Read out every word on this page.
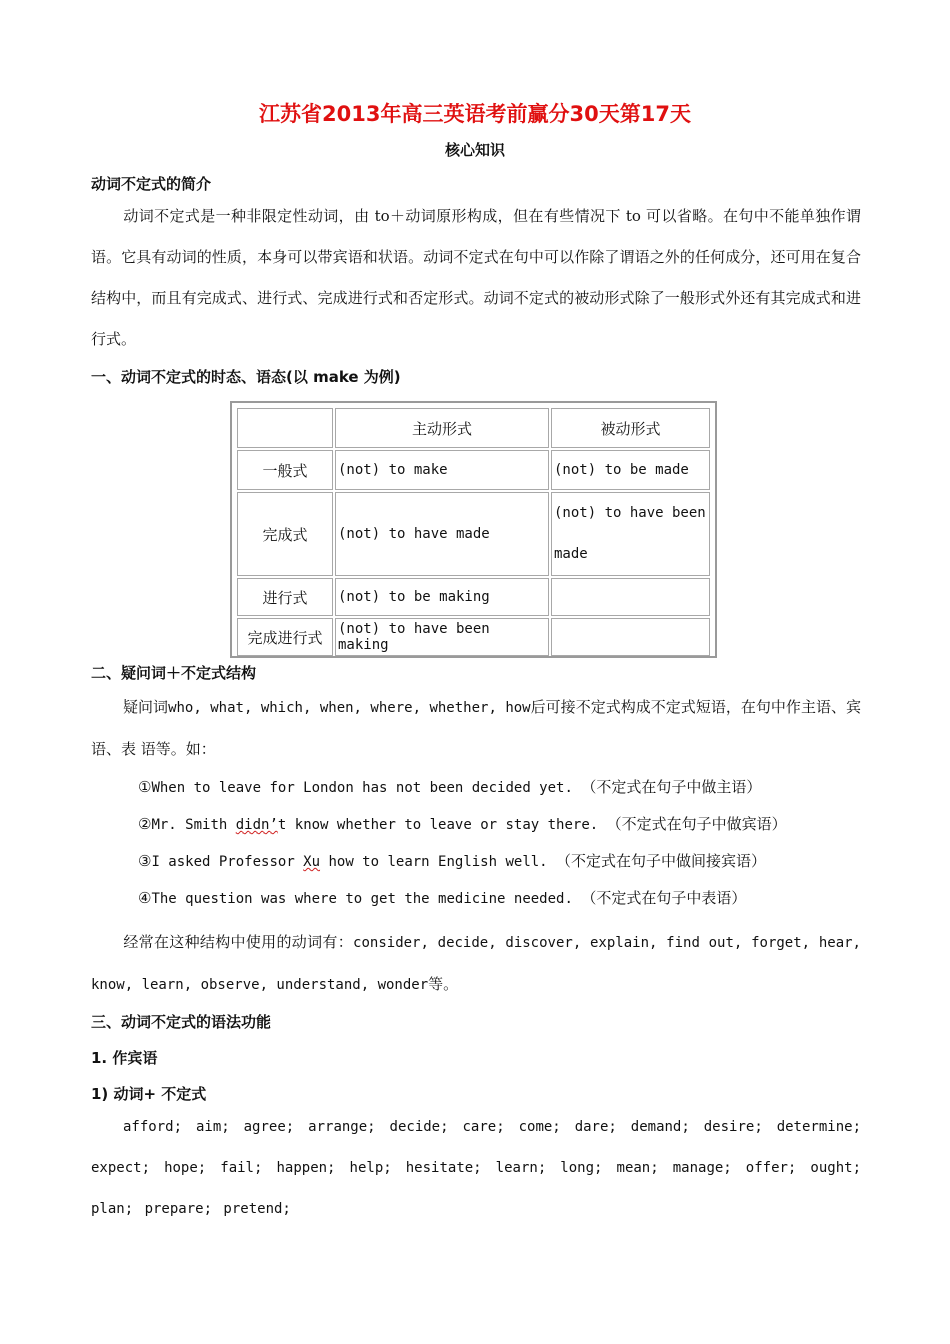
江苏省2013年高三英语考前赢分30天第17天
核心知识
动词不定式的简介
动词不定式是一种非限定性动词，由 to＋动词原形构成，但在有些情况下 to 可以省略。在句中不能单独作谓语。它具有动词的性质，本身可以带宾语和状语。动词不定式在句中可以作除了谓语之外的任何成分，还可用在复合结构中，而且有完成式、进行式、完成进行式和否定形式。动词不定式的被动形式除了一般形式外还有其完成式和进行式。
一、动词不定式的时态、语态(以 make 为例)
	主动形式	被动形式
一般式	(not) to make	(not) to be made
完成式	(not) to have made	(not) to have been made
进行式	(not) to be making	
完成进行式	(not) to have been making	
二、疑问词＋不定式结构
疑问词who, what, which, when, where, whether, how后可接不定式构成不定式短语，在句中作主语、宾语、表 语等。如：
①When to leave for London has not been decided yet. （不定式在句子中做主语）
②Mr. Smith didn’t know whether to leave or stay there. （不定式在句子中做宾语）
③I asked Professor Xu how to learn English well. （不定式在句子中做间接宾语）
④The question was where to get the medicine needed. （不定式在句子中表语）
经常在这种结构中使用的动词有：consider, decide, discover, explain, find out, forget, hear, know, learn, observe, understand, wonder等。
三、动词不定式的语法功能
1. 作宾语
1) 动词+ 不定式
afford; aim; agree; arrange; decide; care; come; dare; demand; desire; determine; expect; hope; fail; happen; help; hesitate; learn; long; mean; manage; offer; ought; plan; prepare; pretend;
